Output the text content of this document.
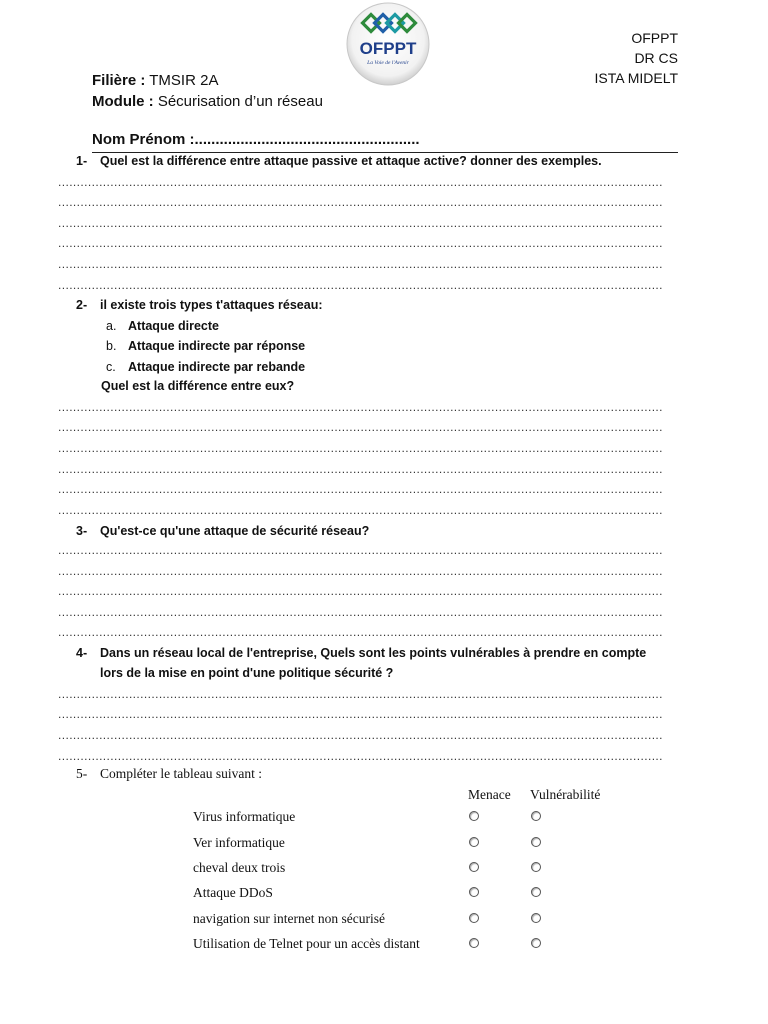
OFPPT
La Voie de l'Avenir
OFPPT
DR CS
ISTA MIDELT
Filière : TMSIR 2A
Module : Sécurisation d’un réseau
Nom Prénom :......................................................
1- Quel est la différence entre attaque passive et attaque active? donner des exemples.
..................................................................................................................................................................
..................................................................................................................................................................
..................................................................................................................................................................
..................................................................................................................................................................
..................................................................................................................................................................
..................................................................................................................................................................
2- il existe trois types t'attaques réseau:
a. Attaque directe
b. Attaque indirecte par réponse
c. Attaque indirecte par rebande
Quel est la différence entre eux?
..................................................................................................................................................................
..................................................................................................................................................................
..................................................................................................................................................................
..................................................................................................................................................................
..................................................................................................................................................................
..................................................................................................................................................................
3- Qu'est-ce qu'une attaque de sécurité réseau?
..................................................................................................................................................................
..................................................................................................................................................................
..................................................................................................................................................................
..................................................................................................................................................................
..................................................................................................................................................................
4- Dans un réseau local de l'entreprise, Quels sont les points vulnérables à prendre en compte
lors de la mise en point d'une politique sécurité ?
..................................................................................................................................................................
..................................................................................................................................................................
..................................................................................................................................................................
..................................................................................................................................................................
5- Compléter le tableau suivant :
Menace Vulnérabilité
Virus informatique
Ver informatique
cheval deux trois
Attaque DDoS
navigation sur internet non sécurisé
Utilisation de Telnet pour un accès distant
